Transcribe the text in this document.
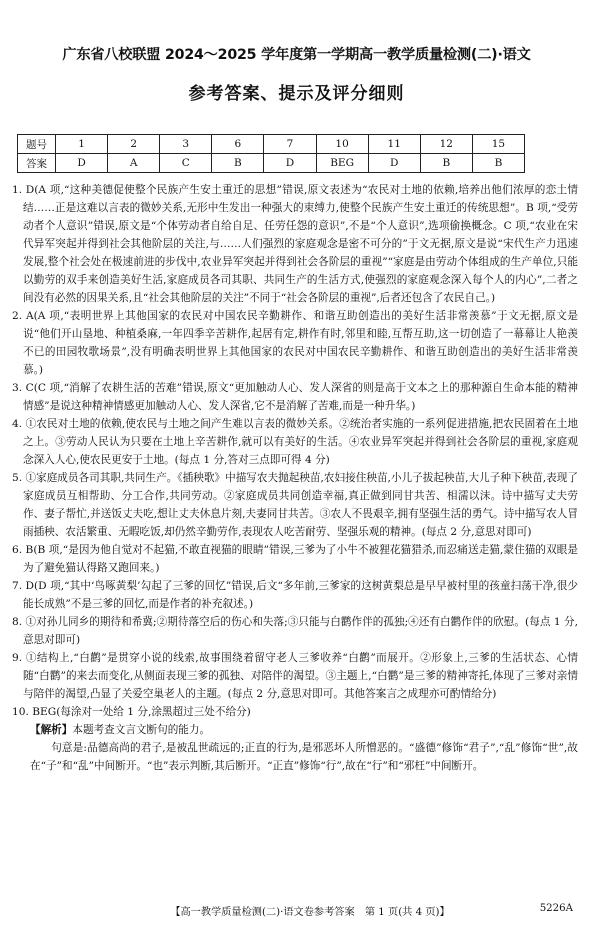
广东省八校联盟 2024～2025 学年度第一学期高一教学质量检测(二)·语文
参考答案、提示及评分细则
题号	1	2	3	6	7	10	11	12	15
答案	D	A	C	B	D	BEG	D	B	B

1. D(A 项,“这种美德促使整个民族产生安土重迁的思想”错误,原文表述为“农民对土地的依赖,培养出他们浓厚的恋土情结……正是这难以言表的微妙关系,无形中生发出一种强大的束缚力,使整个民族产生安土重迁的传统思想”。B 项,“受劳动者个人意识”错误,原文是“个体劳动者自给自足、任劳任怨的意识”,不是“个人意识”,选项偷换概念。C 项,“农业在宋代异军突起并得到社会其他阶层的关注,与……人们强烈的家庭观念是密不可分的”于文无据,原文是说“宋代生产力迅速发展,整个社会处在极速前进的步伐中,农业异军突起并得到社会各阶层的重视”“家庭是由劳动个体组成的生产单位,只能以勤劳的双手来创造美好生活,家庭成员各司其职、共同生产的生活方式,使强烈的家庭观念深入每个人的内心”,二者之间没有必然的因果关系,且“社会其他阶层的关注”不同于“社会各阶层的重视”,后者还包含了农民自己。)

2. A(A 项,“表明世界上其他国家的农民对中国农民辛勤耕作、和谐互助创造出的美好生活非常羡慕”于文无据,原文是说“他们开山垦地、种植桑麻,一年四季辛苦耕作,起居有定,耕作有时,邻里和睦,互帮互助,这一切创造了一幕幕让人艳羡不已的田园牧歌场景”,没有明确表明世界上其他国家的农民对中国农民辛勤耕作、和谐互助创造出的美好生活非常羡慕。)

3. C(C 项,“消解了农耕生活的苦难”错误,原文“更加触动人心、发人深省的则是高于文本之上的那种源自生命本能的精神情感”是说这种精神情感更加触动人心、发人深省,它不是消解了苦难,而是一种升华。)

4. ①农民对土地的依赖,使农民与土地之间产生难以言表的微妙关系。②统治者实施的一系列促进措施,把农民固着在土地之上。③劳动人民认为只要在土地上辛苦耕作,就可以有美好的生活。④农业异军突起并得到社会各阶层的重视,家庭观念深入人心,使农民更安于土地。(每点 1 分,答对三点即可得 4 分)

5. ①家庭成员各司其职,共同生产。《插秧歌》中描写农夫抛起秧苗,农妇接住秧苗,小儿子拔起秧苗,大儿子种下秧苗,表现了家庭成员互相帮助、分工合作,共同劳动。②家庭成员共同创造幸福,真正做到同甘共苦、相濡以沫。诗中描写丈夫劳作、妻子帮忙,并送饭丈夫吃,想让丈夫休息片刻,夫妻同甘共苦。③农人不畏艰辛,拥有坚强生活的勇气。诗中描写农人冒雨插秧、农活繁重、无暇吃饭,却仍然辛勤劳作,表现农人吃苦耐劳、坚强乐观的精神。(每点 2 分,意思对即可)

6. B(B 项,“是因为他自觉对不起猫,不敢直视猫的眼睛”错误,三爹为了小牛不被狸花猫猎杀,而忍痛送走猫,蒙住猫的双眼是为了避免猫认得路又跑回来。)

7. D(D 项,“其中‘鸟啄黄梨’勾起了三爹的回忆”错误,后文“多年前,三爹家的这树黄梨总是早早被村里的孩童扫荡干净,很少能长成熟”不是三爹的回忆,而是作者的补充叙述。)

8. ①对孙儿同乡的期待和希冀;②期待落空后的伤心和失落;③只能与白鹳作伴的孤独;④还有白鹳作伴的欣慰。(每点 1 分,意思对即可)

9. ①结构上,“白鹳”是贯穿小说的线索,故事围绕着留守老人三爹收养“白鹳”而展开。②形象上,三爹的生活状态、心情随“白鹳”的来去而变化,从侧面表现三爹的孤独、对陪伴的渴望。③主题上,“白鹳”是三爹的精神寄托,体现了三爹对亲情与陪伴的渴望,凸显了关爱空巢老人的主题。(每点 2 分,意思对即可。其他答案言之成理亦可酌情给分)

10. BEG(每涂对一处给 1 分,涂黑超过三处不给分)

【解析】本题考查文言文断句的能力。

句意是:品德高尚的君子,是被乱世疏远的;正直的行为,是邪恶坏人所憎恶的。“盛德”修饰“君子”,“乱”修饰“世”,故在“子”和“乱”中间断开。“也”表示判断,其后断开。“正直”修饰“行”,故在“行”和“邪枉”中间断开。

【高一教学质量检测(二)·语文卷参考答案　第 1 页(共 4 页)】	5226A
